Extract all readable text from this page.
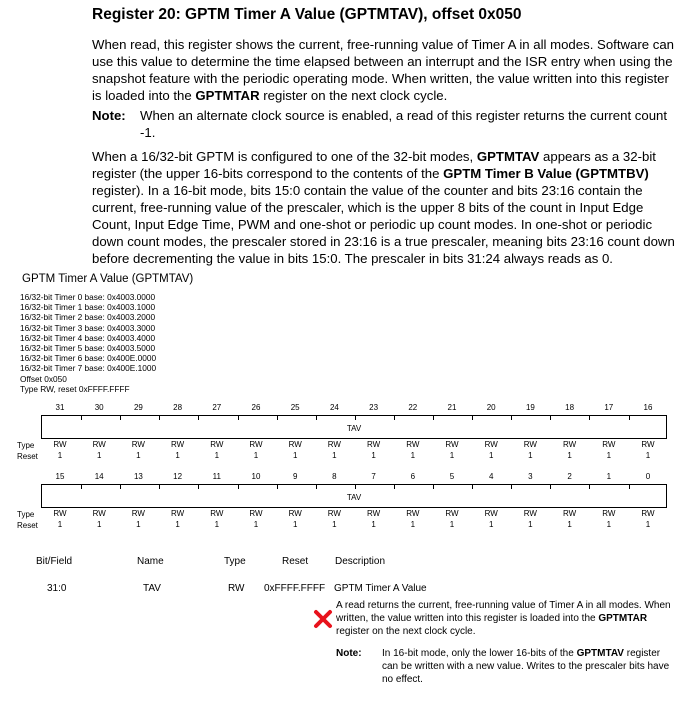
Register 20: GPTM Timer A Value (GPTMTAV), offset 0x050

When read, this register shows the current, free-running value of Timer A in all modes. Software can use this value to determine the time elapsed between an interrupt and the ISR entry when using the snapshot feature with the periodic operating mode. When written, the value written into this register is loaded into the GPTMTAR register on the next clock cycle.

Note: When an alternate clock source is enabled, a read of this register returns the current count -1.

When a 16/32-bit GPTM is configured to one of the 32-bit modes, GPTMTAV appears as a 32-bit register (the upper 16-bits correspond to the contents of the GPTM Timer B Value (GPTMTBV) register). In a 16-bit mode, bits 15:0 contain the value of the counter and bits 23:16 contain the current, free-running value of the prescaler, which is the upper 8 bits of the count in Input Edge Count, Input Edge Time, PWM and one-shot or periodic up count modes. In one-shot or periodic down count modes, the prescaler stored in 23:16 is a true prescaler, meaning bits 23:16 count down before decrementing the value in bits 15:0. The prescaler in bits 31:24 always reads as 0.

GPTM Timer A Value (GPTMTAV)
16/32-bit Timer 0 base: 0x4003.0000
16/32-bit Timer 1 base: 0x4003.1000
16/32-bit Timer 2 base: 0x4003.2000
16/32-bit Timer 3 base: 0x4003.3000
16/32-bit Timer 4 base: 0x4003.4000
16/32-bit Timer 5 base: 0x4003.5000
16/32-bit Timer 6 base: 0x400E.0000
16/32-bit Timer 7 base: 0x400E.1000
Offset 0x050
Type RW, reset 0xFFFF.FFFF
31	30	29	28	27	26	25	24	23	22	21	20	19	18	17	16
TAV
Type
Reset
RW	RW	RW	RW	RW	RW	RW	RW	RW	RW	RW	RW	RW	RW	RW	RW
1	1	1	1	1	1	1	1	1	1	1	1	1	1	1	1
15	14	13	12	11	10	9	8	7	6	5	4	3	2	1	0
TAV
Type
Reset
RW	RW	RW	RW	RW	RW	RW	RW	RW	RW	RW	RW	RW	RW	RW	RW
1	1	1	1	1	1	1	1	1	1	1	1	1	1	1	1
Bit/Field	Name	Type	Reset	Description
31:0	TAV	RW 0xFFFF.FFFF GPTM Timer A Value
A read returns the current, free-running value of Timer A in all modes. When written, the value written into this register is loaded into the GPTMTAR register on the next clock cycle.
Note: In 16-bit mode, only the lower 16-bits of the GPTMTAV register can be written with a new value. Writes to the prescaler bits have no effect.
